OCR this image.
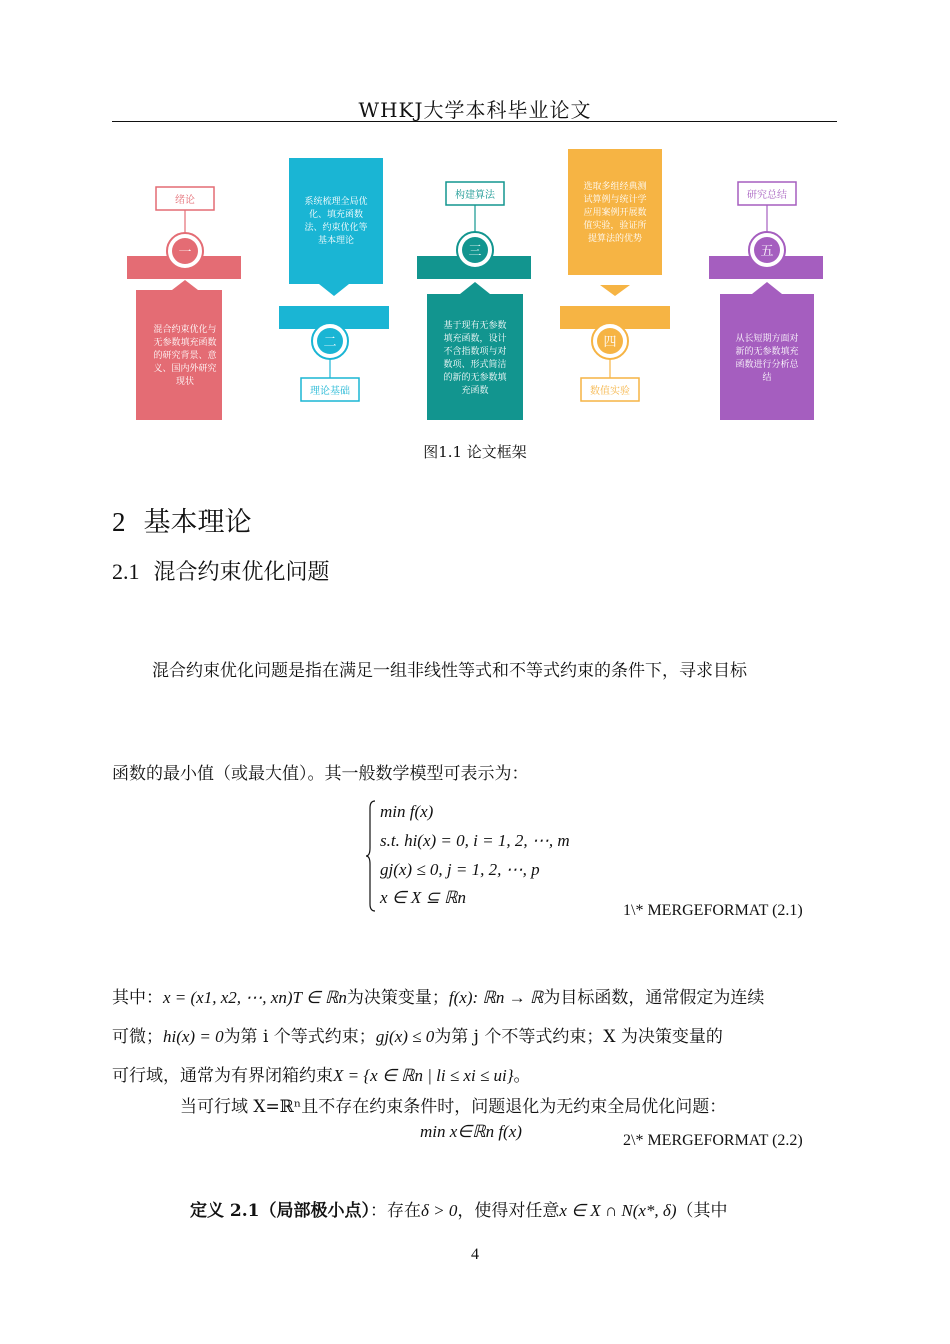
WHKJ大学本科毕业论文
绪论
一
混合约束优化与
无参数填充函数
的研究背景、意
义、国内外研究
现状
系统梳理全局优
化、填充函数
法、约束优化等
基本理论
二
理论基础
构建算法
三
基于现有无参数
填充函数，设计
不含指数项与对
数项、形式简洁
的新的无参数填
充函数
选取多组经典测
试算例与统计学
应用案例开展数
值实验，验证所
提算法的优势
四
数值实验
研究总结
五
从长短期方面对
新的无参数填充
函数进行分析总
结
图1.1 论文框架
2 基本理论
2.1 混合约束优化问题
混合约束优化问题是指在满足一组非线性等式和不等式约束的条件下，寻求目标
函数的最小值（或最大值）。其一般数学模型可表示为：
min f(x)
s.t. hi(x) = 0, i = 1, 2, ⋯, m
gj(x) ≤ 0, j = 1, 2, ⋯, p
x ∈ X ⊆ ℝn
1\* MERGEFORMAT (2.1)
其中：x = (x1, x2, ⋯, xn)T ∈ ℝn为决策变量；f(x): ℝn → ℝ为目标函数，通常假定为连续
可微；hi(x) = 0为第 i 个等式约束；gj(x) ≤ 0为第 j 个不等式约束；X 为决策变量的
可行域，通常为有界闭箱约束X = {x ∈ ℝn | li ≤ xi ≤ ui}。
当可行域 X=ℝⁿ且不存在约束条件时，问题退化为无约束全局优化问题：
min x∈ℝn f(x)	2\* MERGEFORMAT (2.2)
定义 2.1（局部极小点）：存在δ > 0，使得对任意x ∈ X ∩ N(x*, δ)（其中
4
